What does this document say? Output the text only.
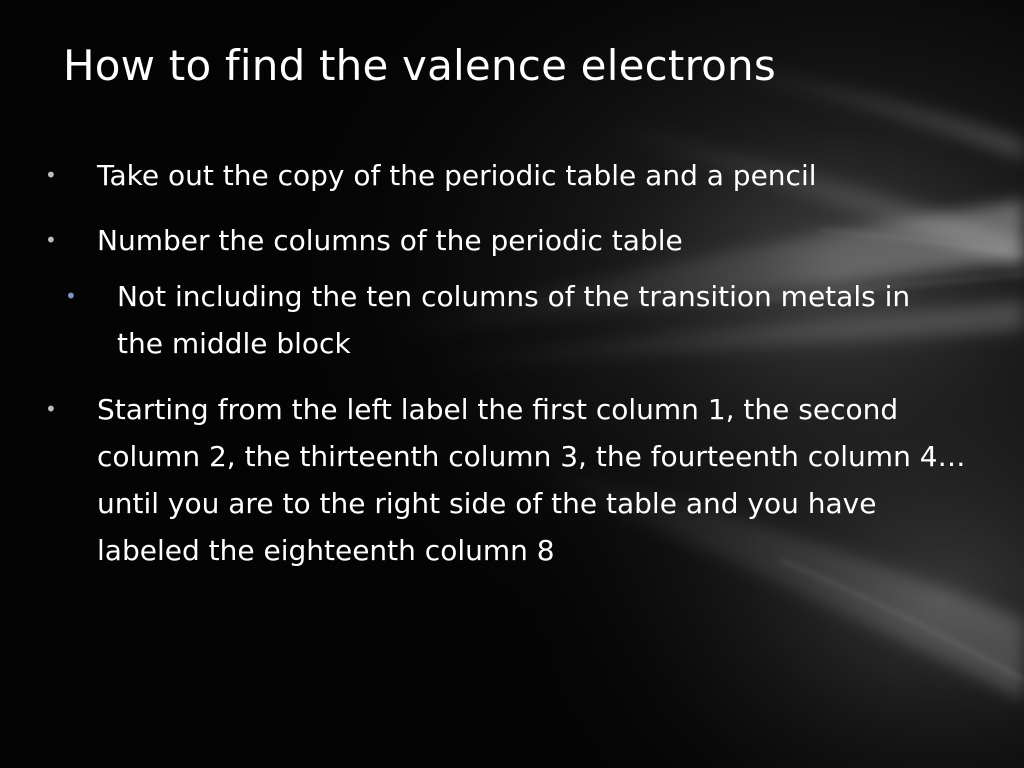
How to find the valence electrons
• Take out the copy of the periodic table and a pencil
• Number the columns of the periodic table
• Not including the ten columns of the transition metals in the middle block
• Starting from the left label the first column 1, the second column 2, the thirteenth column 3, the fourteenth column 4…until you are to the right side of the table and you have labeled the eighteenth column 8
